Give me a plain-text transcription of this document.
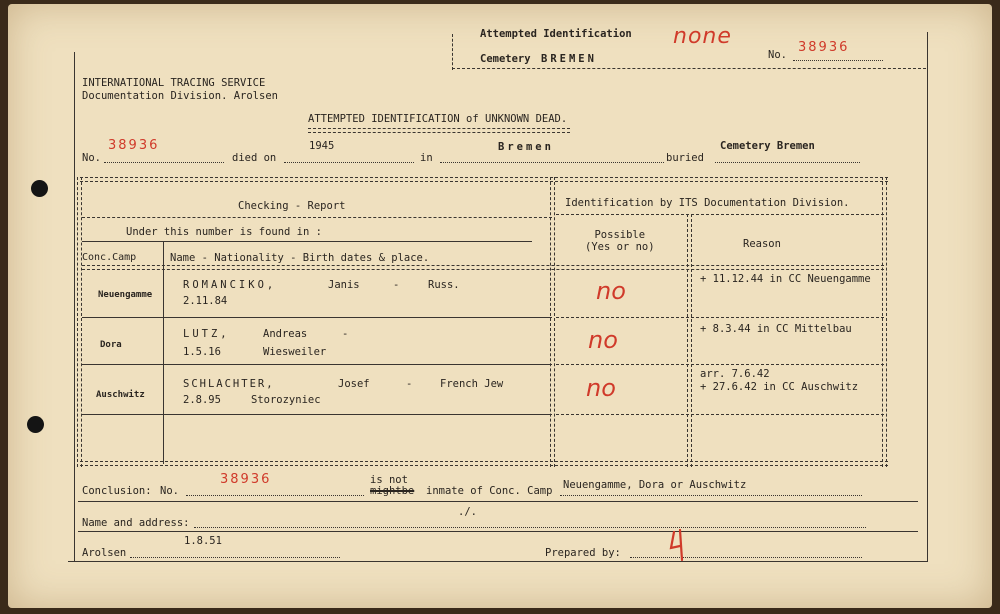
Attempted Identification
Cemetery BREMEN
none
No. 38936
INTERNATIONAL TRACING SERVICE
Documentation Division. Arolsen
ATTEMPTED IDENTIFICATION of UNKNOWN DEAD.
No.
38936
died on
1945
in
Bremen
buried
Cemetery Bremen
Checking - Report	Identification by ITS Documentation Division.
Under this number is found in :
Conc.Camp	Name - Nationality - Birth dates & place.
Possible
(Yes or no)	Reason
Neuengamme
ROMANCIKO,	Janis	-	Russ.
2.11.84	no	+ 11.12.44 in CC Neuengamme
Dora
LUTZ,	Andreas	-
1.5.16	Wiesweiler	no	+ 8.3.44 in CC Mittelbau
Auschwitz
SCHLACHTER,	Josef	-	French Jew
2.8.95	Storozyniec	no	arr. 7.6.42
+ 27.6.42 in CC Auschwitz
Conclusion: No.
38936	is not
mightbe inmate of Conc. Camp Neuengamme, Dora or Auschwitz
./.
Name and address:
1.8.51
Arolsen	Prepared by:
